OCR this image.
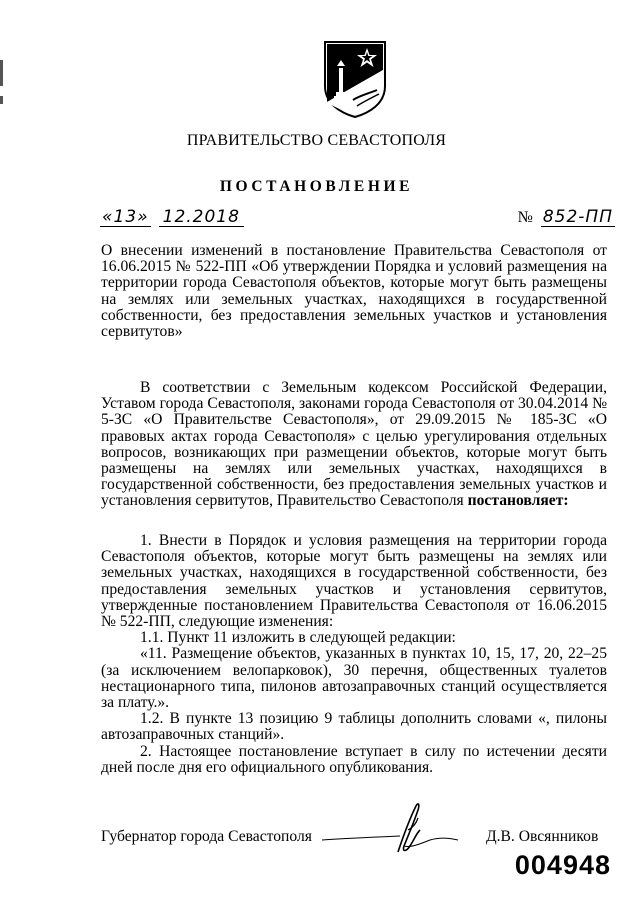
ПРАВИТЕЛЬСТВО СЕВАСТОПОЛЯ
ПОСТАНОВЛЕНИЕ
«13» 12.2018	№ 852-ПП
О внесении изменений в постановление Правительства Севастополя от 16.06.2015 № 522-ПП «Об утверждении Порядка и условий размещения на территории города Севастополя объектов, которые могут быть размещены на землях или земельных участках, находящихся в государственной собственности, без предоставления земельных участков и установления сервитутов»
В соответствии с Земельным кодексом Российской Федерации, Уставом города Севастополя, законами города Севастополя от 30.04.2014 № 5-ЗС «О Правительстве Севастополя», от 29.09.2015 № 185-ЗС «О правовых актах города Севастополя» с целью урегулирования отдельных вопросов, возникающих при размещении объектов, которые могут быть размещены на землях или земельных участках, находящихся в государственной собственности, без предоставления земельных участков и установления сервитутов, Правительство Севастополя постановляет:

1. Внести в Порядок и условия размещения на территории города Севастополя объектов, которые могут быть размещены на землях или земельных участках, находящихся в государственной собственности, без предоставления земельных участков и установления сервитутов, утвержденные постановлением Правительства Севастополя от 16.06.2015 № 522-ПП, следующие изменения:

1.1. Пункт 11 изложить в следующей редакции:

«11. Размещение объектов, указанных в пунктах 10, 15, 17, 20, 22–25 (за исключением велопарковок), 30 перечня, общественных туалетов нестационарного типа, пилонов автозаправочных станций осуществляется за плату.».

1.2. В пункте 13 позицию 9 таблицы дополнить словами «, пилоны автозаправочных станций».

2. Настоящее постановление вступает в силу по истечении десяти дней после дня его официального опубликования.

Губернатор города Севастополя	Д.В. Овсянников
004948
